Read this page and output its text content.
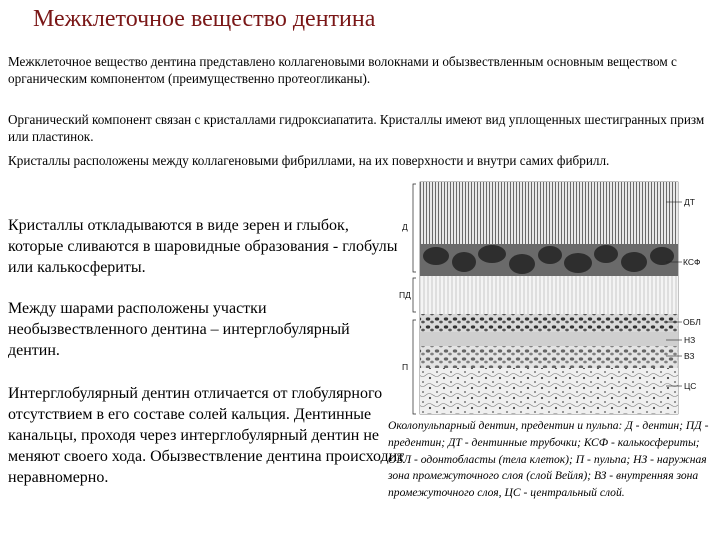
Межклеточное вещество дентина

Межклеточное вещество дентина представлено коллагеновыми волокнами и обызвествленным основным веществом с органическим компонентом (преимущественно протеогликаны).

Органический компонент связан с кристаллами гидроксиапатита. Кристаллы имеют вид уплощенных шестигранных призм или пластинок.

Кристаллы расположены между коллагеновыми фибриллами, на их поверхности и внутри самих фибрилл.

Кристаллы откладываются в виде зерен и глыбок, которые сливаются в шаровидные образования - глобулы или калькосфериты.

Между шарами расположены участки необызвествленного дентина – интерглобулярный дентин.

Интерглобулярный дентин отличается от глобулярного отсутствием в его составе солей кальция. Дентинные канальцы, проходя через интерглобулярный дентин не меняют своего хода. Обызвествление дентина происходит неравномерно.

Д
ПД
П
ДТ
КСФ
ОБЛ
НЗ
ВЗ
ЦС

Околопульпарный дентин, предентин и пульпа: Д - дентин; ПД - предентин; ДТ - дентинные трубочки; КСФ - калькосфериты; ОБЛ - одонтобласты (тела клеток); П - пульпа; НЗ - наружная зона промежуточного слоя (слой Вейля); ВЗ - внутренняя зона промежуточного слоя, ЦС - центральный слой.
